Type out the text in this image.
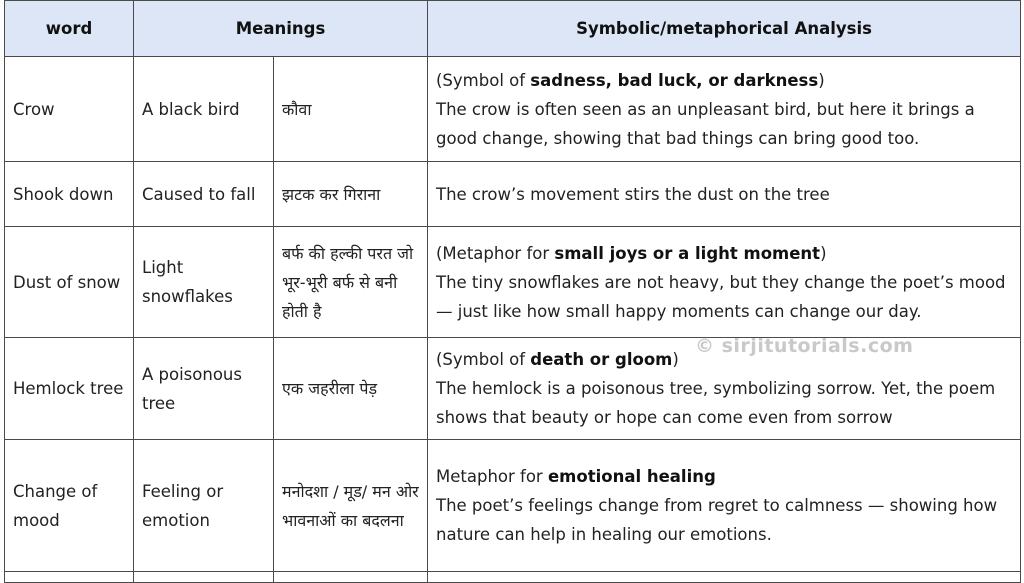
word	Meanings		Symbolic/metaphorical Analysis
Crow	A black bird	कौवा	(Symbol of sadness, bad luck, or darkness)
The crow is often seen as an unpleasant bird, but here it brings a good change, showing that bad things can bring good too.

Shook down	Caused to fall	झटक कर गिराना	The crow’s movement stirs the dust on the tree

Dust of snow	Light snowflakes	बर्फ की हल्की परत जो भूर-भूरी बर्फ से बनी होती है	(Metaphor for small joys or a light moment)
The tiny snowflakes are not heavy, but they change the poet’s mood — just like how small happy moments can change our day.

Hemlock tree	A poisonous tree	एक जहरीला पेड़	(Symbol of death or gloom)
The hemlock is a poisonous tree, symbolizing sorrow. Yet, the poem shows that beauty or hope can come even from sorrow

Change of mood	Feeling or emotion	मनोदशा / मूड/ मन ओर भावनाओं का बदलना	Metaphor for emotional healing
The poet’s feelings change from regret to calmness — showing how nature can help in healing our emotions.

© sirjitutorials.com
